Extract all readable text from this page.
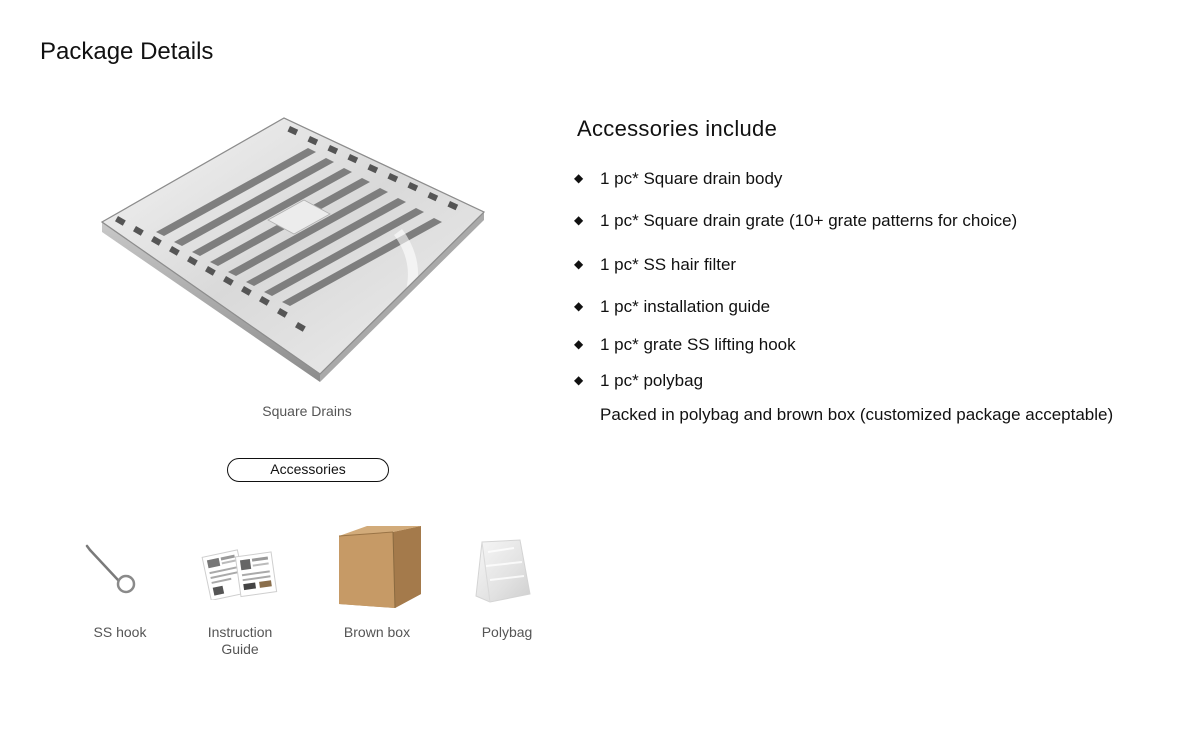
Package Details
Square Drains
Accessories
SS hook	Instruction
Guide
Brown box	Polybag
Accessories include
◆ 1 pc* Square drain body
◆ 1 pc* Square drain grate (10+ grate patterns for choice)
◆ 1 pc* SS hair filter
◆ 1 pc* installation guide
◆ 1 pc* grate SS lifting hook
◆ 1 pc* polybag
Packed in polybag and brown box (customized package acceptable)
